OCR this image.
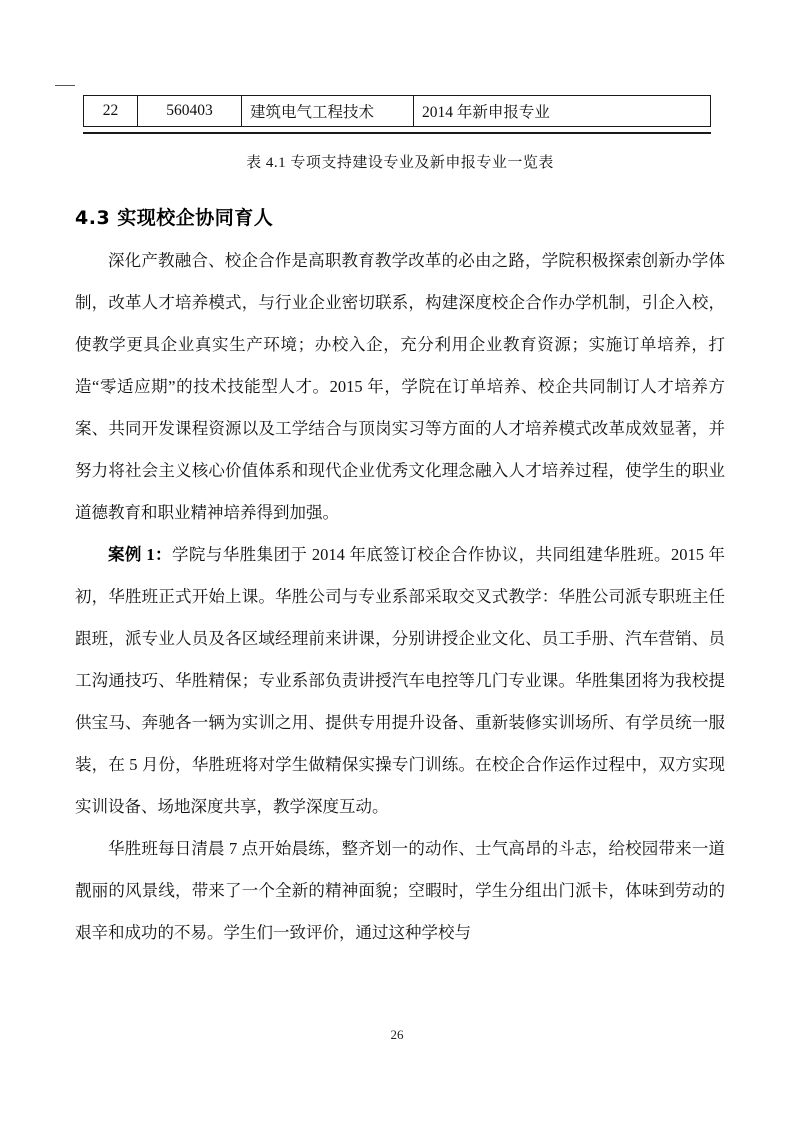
22	560403	建筑电气工程技术	2014 年新申报专业
表 4.1 专项支持建设专业及新申报专业一览表
4.3 实现校企协同育人

深化产教融合、校企合作是高职教育教学改革的必由之路，学院积极探索创新办学体制，改革人才培养模式，与行业企业密切联系，构建深度校企合作办学机制，引企入校，使教学更具企业真实生产环境；办校入企，充分利用企业教育资源；实施订单培养，打造“零适应期”的技术技能型人才。2015 年，学院在订单培养、校企共同制订人才培养方案、共同开发课程资源以及工学结合与顶岗实习等方面的人才培养模式改革成效显著，并努力将社会主义核心价值体系和现代企业优秀文化理念融入人才培养过程，使学生的职业道德教育和职业精神培养得到加强。

案例 1：学院与华胜集团于 2014 年底签订校企合作协议，共同组建华胜班。2015 年初，华胜班正式开始上课。华胜公司与专业系部采取交叉式教学：华胜公司派专职班主任跟班，派专业人员及各区域经理前来讲课，分别讲授企业文化、员工手册、汽车营销、员工沟通技巧、华胜精保；专业系部负责讲授汽车电控等几门专业课。华胜集团将为我校提供宝马、奔驰各一辆为实训之用、提供专用提升设备、重新装修实训场所、有学员统一服装，在 5 月份，华胜班将对学生做精保实操专门训练。在校企合作运作过程中，双方实现实训设备、场地深度共享，教学深度互动。

华胜班每日清晨 7 点开始晨练，整齐划一的动作、士气高昂的斗志，给校园带来一道靓丽的风景线，带来了一个全新的精神面貌；空暇时，学生分组出门派卡，体味到劳动的艰辛和成功的不易。学生们一致评价，通过这种学校与

26
